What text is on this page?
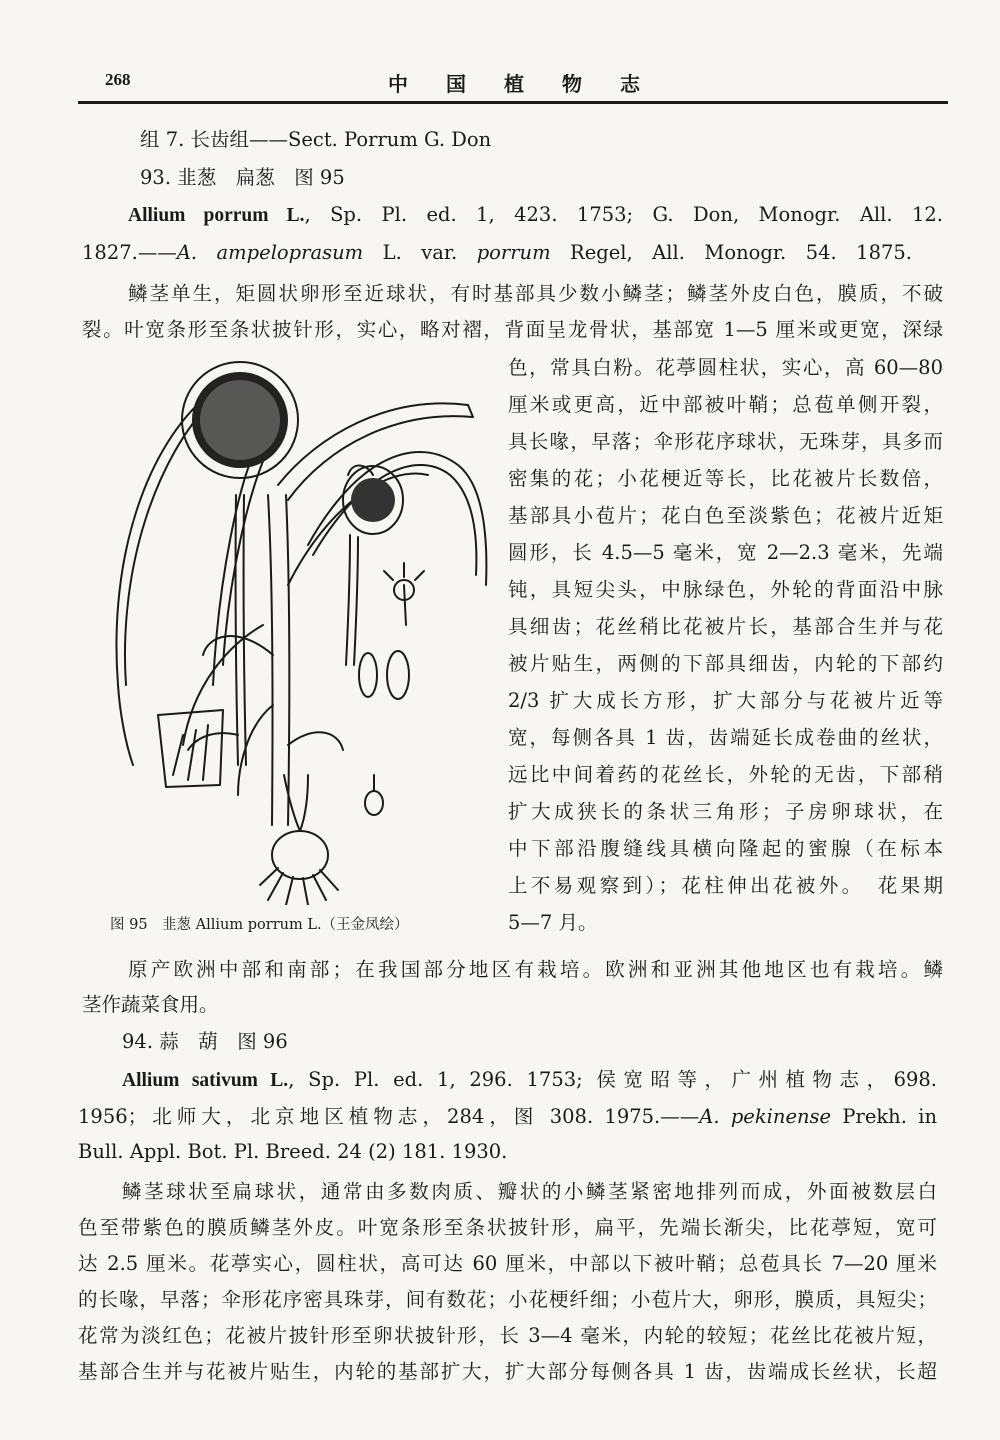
268	中国植物志
组 7. 长齿组——Sect. Porrum G. Don
93. 韭葱　扁葱　图 95
Allium porrum L., Sp. Pl. ed. 1, 423. 1753; G. Don, Monogr. All. 12.
1827.——A. ampeloprasum L. var. porrum Regel, All. Monogr. 54. 1875.
鳞茎单生，矩圆状卵形至近球状，有时基部具少数小鳞茎；鳞茎外皮白色，膜质，不破
裂。叶宽条形至条状披针形，实心，略对褶，背面呈龙骨状，基部宽 1—5 厘米或更宽，深绿
色，常具白粉。花葶圆柱状，实心，高 60—80
厘米或更高，近中部被叶鞘；总苞单侧开裂，
具长喙，早落；伞形花序球状，无珠芽，具多而
密集的花；小花梗近等长，比花被片长数倍，
基部具小苞片；花白色至淡紫色；花被片近矩
圆形，长 4.5—5 毫米，宽 2—2.3 毫米，先端
钝，具短尖头，中脉绿色，外轮的背面沿中脉
具细齿；花丝稍比花被片长，基部合生并与花
被片贴生，两侧的下部具细齿，内轮的下部约
2/3 扩大成长方形，扩大部分与花被片近等
宽，每侧各具 1 齿，齿端延长成卷曲的丝状，
远比中间着药的花丝长，外轮的无齿，下部稍
扩大成狭长的条状三角形；子房卵球状，在
中下部沿腹缝线具横向隆起的蜜腺（在标本
上不易观察到）；花柱伸出花被外。　花果期
5—7 月。
图 95　韭葱 Allium porrum L.（王金凤绘）
原产欧洲中部和南部；在我国部分地区有栽培。欧洲和亚洲其他地区也有栽培。鳞
茎作蔬菜食用。
94. 蒜　葫　图 96
Allium sativum L., Sp. Pl. ed. 1, 296. 1753; 侯宽昭等，广州植物志，698.
1956；北师大，北京地区植物志，284，图 308. 1975.——A. pekinense Prekh. in
Bull. Appl. Bot. Pl. Breed. 24 (2) 181. 1930.
鳞茎球状至扁球状，通常由多数肉质、瓣状的小鳞茎紧密地排列而成，外面被数层白
色至带紫色的膜质鳞茎外皮。叶宽条形至条状披针形，扁平，先端长渐尖，比花葶短，宽可
达 2.5 厘米。花葶实心，圆柱状，高可达 60 厘米，中部以下被叶鞘；总苞具长 7—20 厘米
的长喙，早落；伞形花序密具珠芽，间有数花；小花梗纤细；小苞片大，卵形，膜质，具短尖；
花常为淡红色；花被片披针形至卵状披针形，长 3—4 毫米，内轮的较短；花丝比花被片短，
基部合生并与花被片贴生，内轮的基部扩大，扩大部分每侧各具 1 齿，齿端成长丝状，长超
